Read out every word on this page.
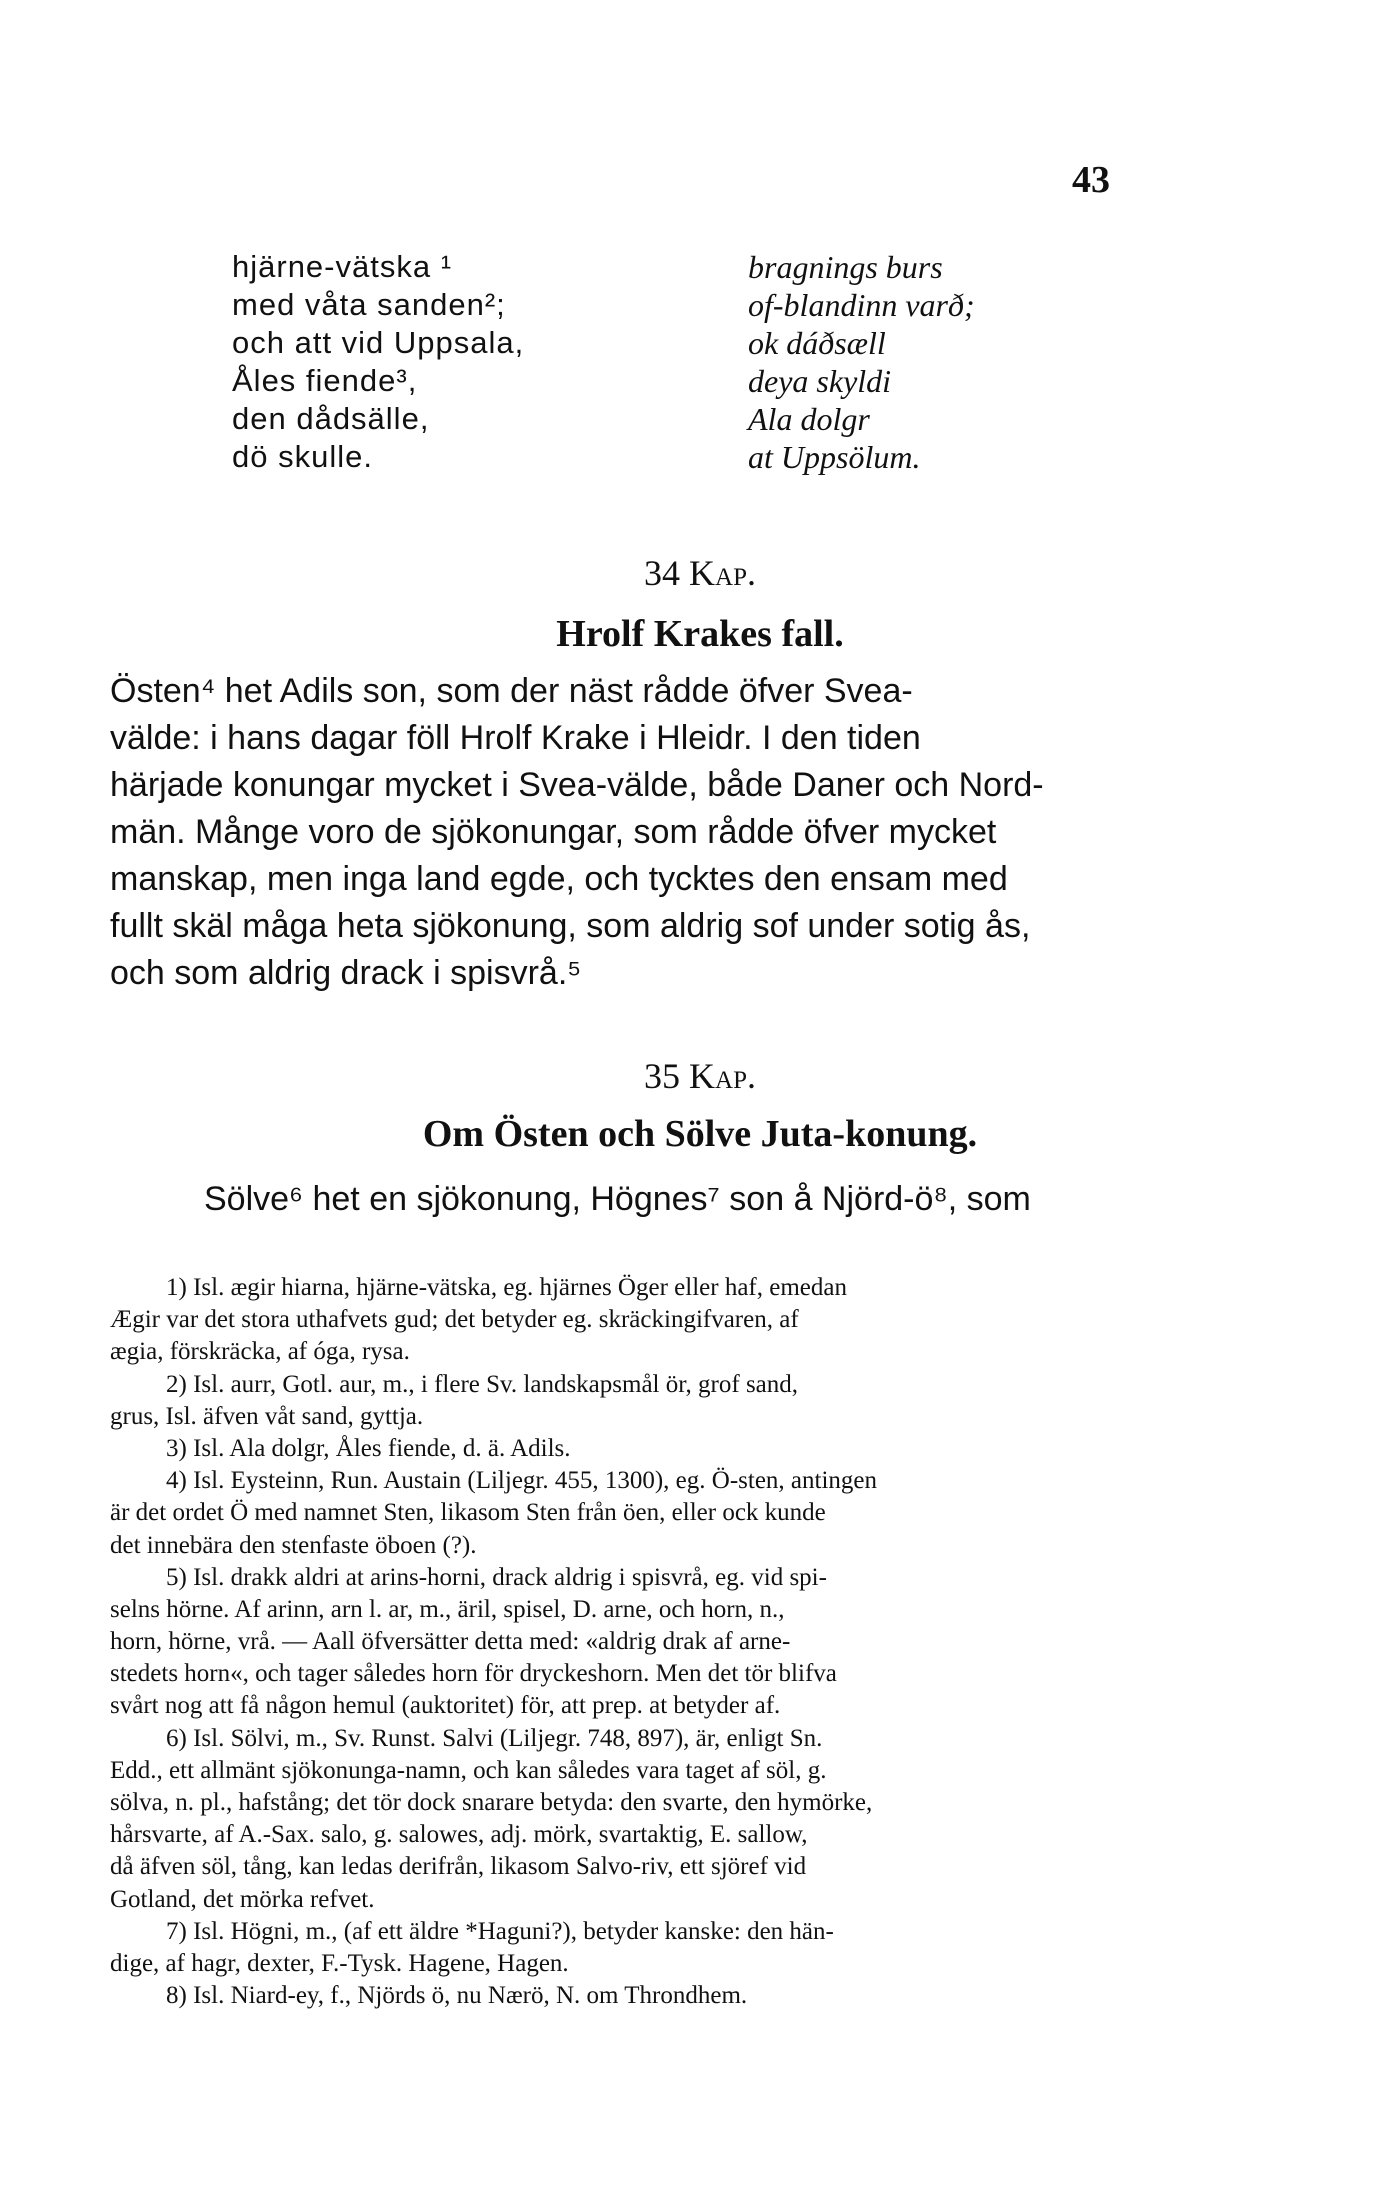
43
hjärne-vätska ¹
med våta sanden²;
och att vid Uppsala,
Åles fiende³,
den dådsälle,
dö skulle.
bragnings burs
of-blandinn varð;
ok dáðsæll
deya skyldi
Ala dolgr
at Uppsölum.
34 Kap.
Hrolf Krakes fall.
Östen⁴ het Adils son, som der näst rådde öfver Svea-
välde: i hans dagar föll Hrolf Krake i Hleidr. I den tiden
härjade konungar mycket i Svea-välde, både Daner och Nord-
män. Månge voro de sjökonungar, som rådde öfver mycket
manskap, men inga land egde, och tycktes den ensam med
fullt skäl måga heta sjökonung, som aldrig sof under sotig ås,
och som aldrig drack i spisvrå.⁵
35 Kap.
Om Östen och Sölve Juta-konung.
Sölve⁶ het en sjökonung, Högnes⁷ son å Njörd-ö⁸, som
1) Isl. ægir hiarna, hjärne-vätska, eg. hjärnes Öger eller haf, emedan
Ægir var det stora uthafvets gud; det betyder eg. skräckingifvaren, af
ægia, förskräcka, af óga, rysa.
2) Isl. aurr, Gotl. aur, m., i flere Sv. landskapsmål ör, grof sand,
grus, Isl. äfven våt sand, gyttja.
3) Isl. Ala dolgr, Åles fiende, d. ä. Adils.
4) Isl. Eysteinn, Run. Austain (Liljegr. 455, 1300), eg. Ö-sten, antingen
är det ordet Ö med namnet Sten, likasom Sten från öen, eller ock kunde
det innebära den stenfaste öboen (?).
5) Isl. drakk aldri at arins-horni, drack aldrig i spisvrå, eg. vid spi-
selns hörne. Af arinn, arn l. ar, m., äril, spisel, D. arne, och horn, n.,
horn, hörne, vrå. — Aall öfversätter detta med: «aldrig drak af arne-
stedets horn«, och tager således horn för dryckeshorn. Men det tör blifva
svårt nog att få någon hemul (auktoritet) för, att prep. at betyder af.
6) Isl. Sölvi, m., Sv. Runst. Salvi (Liljegr. 748, 897), är, enligt Sn.
Edd., ett allmänt sjökonunga-namn, och kan således vara taget af söl, g.
sölva, n. pl., hafstång; det tör dock snarare betyda: den svarte, den hymörke,
hårsvarte, af A.-Sax. salo, g. salowes, adj. mörk, svartaktig, E. sallow,
då äfven söl, tång, kan ledas derifrån, likasom Salvo-riv, ett sjöref vid
Gotland, det mörka refvet.
7) Isl. Högni, m., (af ett äldre *Haguni?), betyder kanske: den hän-
dige, af hagr, dexter, F.-Tysk. Hagene, Hagen.
8) Isl. Niard-ey, f., Njörds ö, nu Nærö, N. om Throndhem.
